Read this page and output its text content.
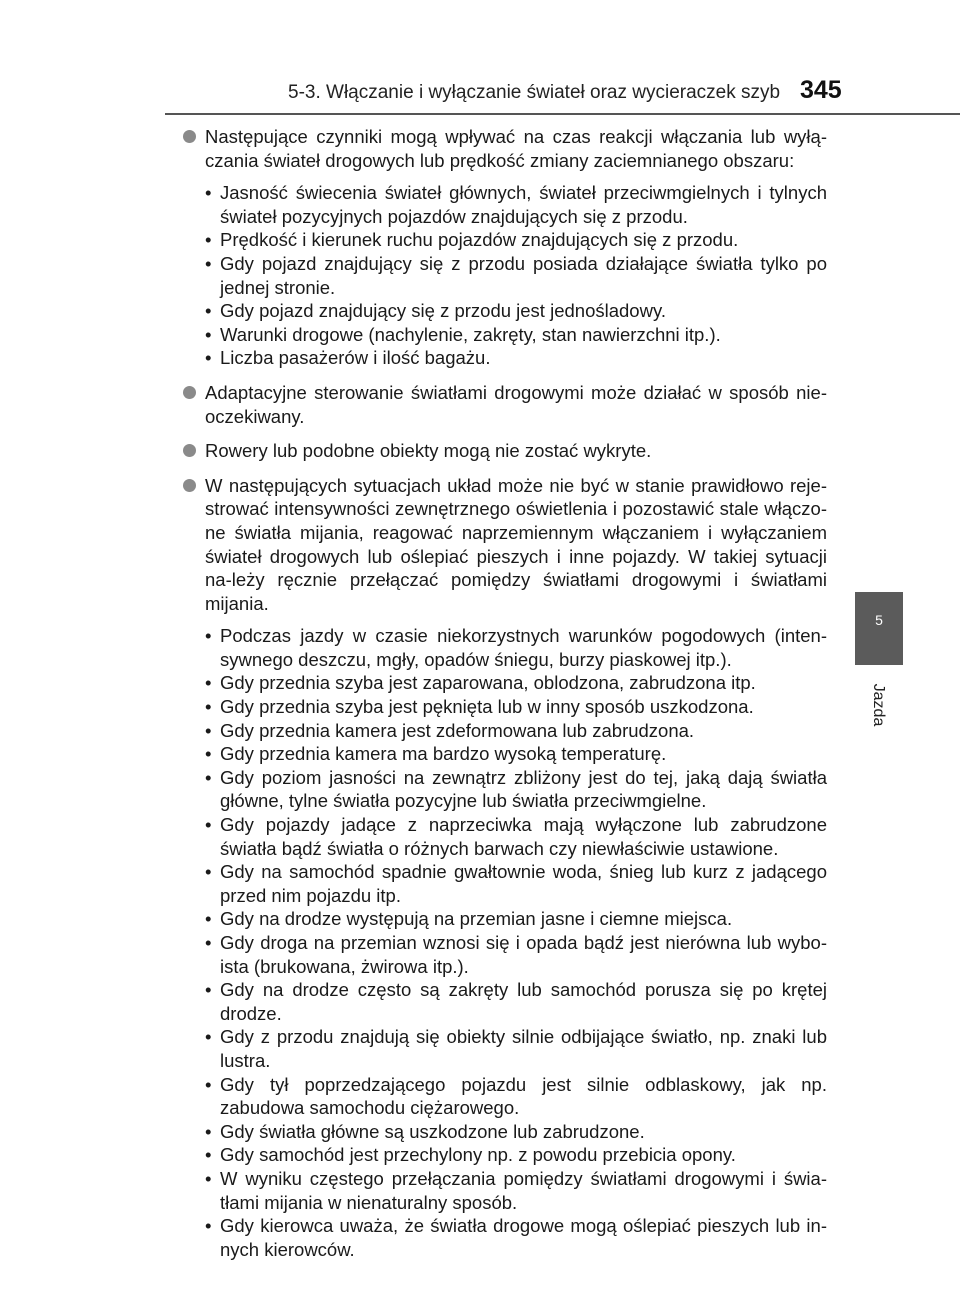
5-3. Włączanie i wyłączanie świateł oraz wycieraczek szyb 345
5
Jazda
Następujące czynniki mogą wpływać na czas reakcji włączania lub wyłą-czania świateł drogowych lub prędkość zmiany zaciemnianego obszaru:
• Jasność świecenia świateł głównych, świateł przeciwmgielnych i tylnych świateł pozycyjnych pojazdów znajdujących się z przodu.
• Prędkość i kierunek ruchu pojazdów znajdujących się z przodu.
• Gdy pojazd znajdujący się z przodu posiada działające światła tylko po jednej stronie.
• Gdy pojazd znajdujący się z przodu jest jednośladowy.
• Warunki drogowe (nachylenie, zakręty, stan nawierzchni itp.).
• Liczba pasażerów i ilość bagażu.
Adaptacyjne sterowanie światłami drogowymi może działać w sposób nie-oczekiwany.
Rowery lub podobne obiekty mogą nie zostać wykryte.
W następujących sytuacjach układ może nie być w stanie prawidłowo reje-strować intensywności zewnętrznego oświetlenia i pozostawić stale włączo-ne światła mijania, reagować naprzemiennym włączaniem i wyłączaniem świateł drogowych lub oślepiać pieszych i inne pojazdy. W takiej sytuacji na-leży ręcznie przełączać pomiędzy światłami drogowymi i światłami mijania.
• Podczas jazdy w czasie niekorzystnych warunków pogodowych (inten-sywnego deszczu, mgły, opadów śniegu, burzy piaskowej itp.).
• Gdy przednia szyba jest zaparowana, oblodzona, zabrudzona itp.
• Gdy przednia szyba jest pęknięta lub w inny sposób uszkodzona.
• Gdy przednia kamera jest zdeformowana lub zabrudzona.
• Gdy przednia kamera ma bardzo wysoką temperaturę.
• Gdy poziom jasności na zewnątrz zbliżony jest do tej, jaką dają światła główne, tylne światła pozycyjne lub światła przeciwmgielne.
• Gdy pojazdy jadące z naprzeciwka mają wyłączone lub zabrudzone światła bądź światła o różnych barwach czy niewłaściwie ustawione.
• Gdy na samochód spadnie gwałtownie woda, śnieg lub kurz z jadącego przed nim pojazdu itp.
• Gdy na drodze występują na przemian jasne i ciemne miejsca.
• Gdy droga na przemian wznosi się i opada bądź jest nierówna lub wybo-ista (brukowana, żwirowa itp.).
• Gdy na drodze często są zakręty lub samochód porusza się po krętej drodze.
• Gdy z przodu znajdują się obiekty silnie odbijające światło, np. znaki lub lustra.
• Gdy tył poprzedzającego pojazdu jest silnie odblaskowy, jak np. zabudowa samochodu ciężarowego.
• Gdy światła główne są uszkodzone lub zabrudzone.
• Gdy samochód jest przechylony np. z powodu przebicia opony.
• W wyniku częstego przełączania pomiędzy światłami drogowymi i świa-tłami mijania w nienaturalny sposób.
• Gdy kierowca uważa, że światła drogowe mogą oślepiać pieszych lub in-nych kierowców.
